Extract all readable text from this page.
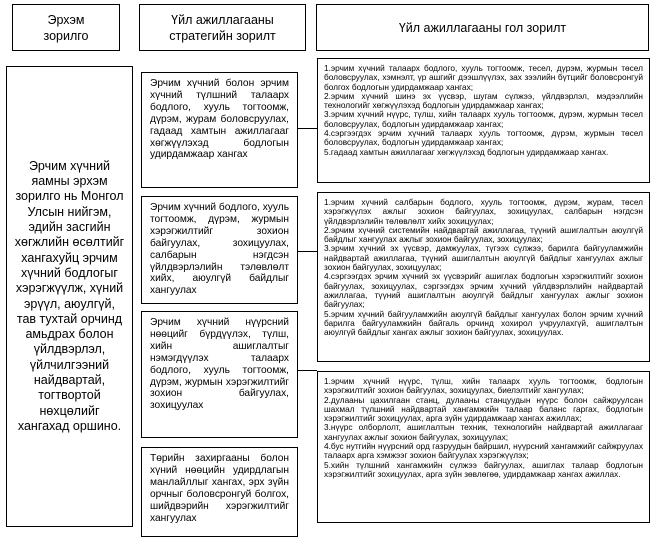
Эрхэм
зорилго
Үйл ажиллагааны
стратегийн зорилт
Үйл ажиллагааны гол зорилт
Эрчим хүчний яамны эрхэм зорилго нь Монгол Улсын нийгэм, эдийн засгийн хөгжлийн өсөлтийг хангахуйц эрчим хүчний бодлогыг хэрэгжүүлж, хүний эрүүл, аюулгүй, тав тухтай орчинд амьдрах болон үйлдвэрлэл, үйлчилгээний найдвартай, тогтвортой нөхцөлийг хангахад оршино.
Эрчим хүчний болон эрчим хүчний түлшний талаарх бодлого, хууль тогтоомж, дүрэм, журам боловсруулах, гадаад хамтын ажиллагааг хөгжүүлэхэд бодлогын удирдамжаар хангах
Эрчим хүчний бодлого, хууль тогтоомж, дүрэм, журмын хэрэгжилтийг зохион байгуулах, зохицуулах, салбарын нэгдсэн үйлдвэрлэлийн тэлөвлөлт хийх, аюулгүй байдлыг хангуулах
Эрчим хүчний нүүрсний нөөцийг бүрдүүлэх, түлш, хийн ашиглалтыг нэмэгдүүлэх талаарх бодлого, хууль тогтоомж, дүрэм, журмын хэрэгжилтийг зохион байгуулах, зохицуулах
Төрийн захиргааны болон хүний нөөцийн удирдлагын манлайллыг хангах, эрх зүйн орчныг боловсронгуй болгох, шийдвэрийн хэрэгжилтийг хангуулах

1.эрчим хүчний талаарх бодлого, хууль тогтоомж, тесел, дүрэм, журмын төсел боловсруулах, хэмнэлт, үр ашгийг дээшлүүлэх, зах зээлийн бүтцийг боловсронгуй болгох бодлогын удирдамжаар хангах;

2.эрчим хүчний шинэ эх үүсвэр, шугам сүлжээ, үйлдвэрлэл, мэдээллийн технологийг хөгжүүлэхэд бодлогын удирдамжаар хангах;

3.эрчим хүчний нүүрс, түлш, хийн талаарх хууль тогтоомж, дүрэм, журмын төсел боловсруулах, бодлогын удирдамжаар хангах;

4.сэргээгдэх эрчим хүчний талаарх хууль тогтоомж, дүрэм, журмын төсел боловсруулах, бодлогын удирдамжаар хангах;

5.гадаад хамтын ажиллагааг хөгжүүлэхэд бодлогын удирдамжаар хангах.

1.эрчим хүчний салбарын бодлого, хууль тогтоомж, дүрэм, журам, төсел хэрэгжүүлэх ажлыг зохион байгуулах, зохицуулах, салбарын нэгдсэн үйлдвэрлэлийн төлөвлөлт хийх зохицуулах;

2.эрчим хүчний системийн найдвартай ажиллагаа, түүний ашиглалтын аюулгүй байдлыг хангуулах ажлыг зохион байгуулах, зохицуулах;

3.эрчим хүчний эх үүсвэр, дамжуулах, түгээх сүлжээ, барилга байгууламжийн найдвартай ажиллагаа, түүний ашиглалтын аюулгүй байдлыг хангуулах ажлыг зохион байгуулах, зохицуулах;

4.сэргээгдэх эрчим хүчний эх үүсвэрийг ашиглах бодлогын хэрэгжилтийг зохион байгуулах, зохицуулах, сэргээгдэх эрчим хүчний үйлдвэрлэлийн найдвартай ажиллагаа, түүний ашиглалтын аюулгүй байдлыг хангуулах ажлыг зохион байгуулах;

5.эрчим хүчний байгууламжийн аюулгүй байдлыг хангуулах болон эрчим хүчний барилга байгууламжийн байгаль орчинд хохирол учруулахгүй, ашиглалтын аюулгүй байдлыг хангах ажлыг зохион байгуулах, зохицуулах.

1.эрчим хүчний нүүрс, түлш, хийн талаарх хууль тогтоомж, бодлогын хэрэгжилтийг зохион байгуулах, зохицуулах, биелэлтийг хангуулах;

2.дулааны цахилгаан станц, дулааны станцуудын нүүрс болон сайжруулсан шахмал түлшний найдвартай хангамжийн талаар баланс гаргах, бодлогын хэрэгжилтийг зохицуулах, арга зүйн удирдамжаар хангах ажиллах;

3.нүүрс олборлолт, ашиглалтын техник, технологийн найдвартай ажиллагааг хангуулах ажлыг зохион байгуулах, зохицуулах;

4.бус нутгийн нүүрсний орд газруудын байршил, нүүрсний хангамжийг сайжруулах талаарх арга хэмжээг зохион байгуулах хэрэгжүүлэх;

5.хийн түлшний хангамжийн сүлжээ байгуулах, ашиглах талаар бодлогын хэрэгжилтийг зохицуулах, арга зүйн зөвлөгөө, удирдамжаар хангах ажиллах.
